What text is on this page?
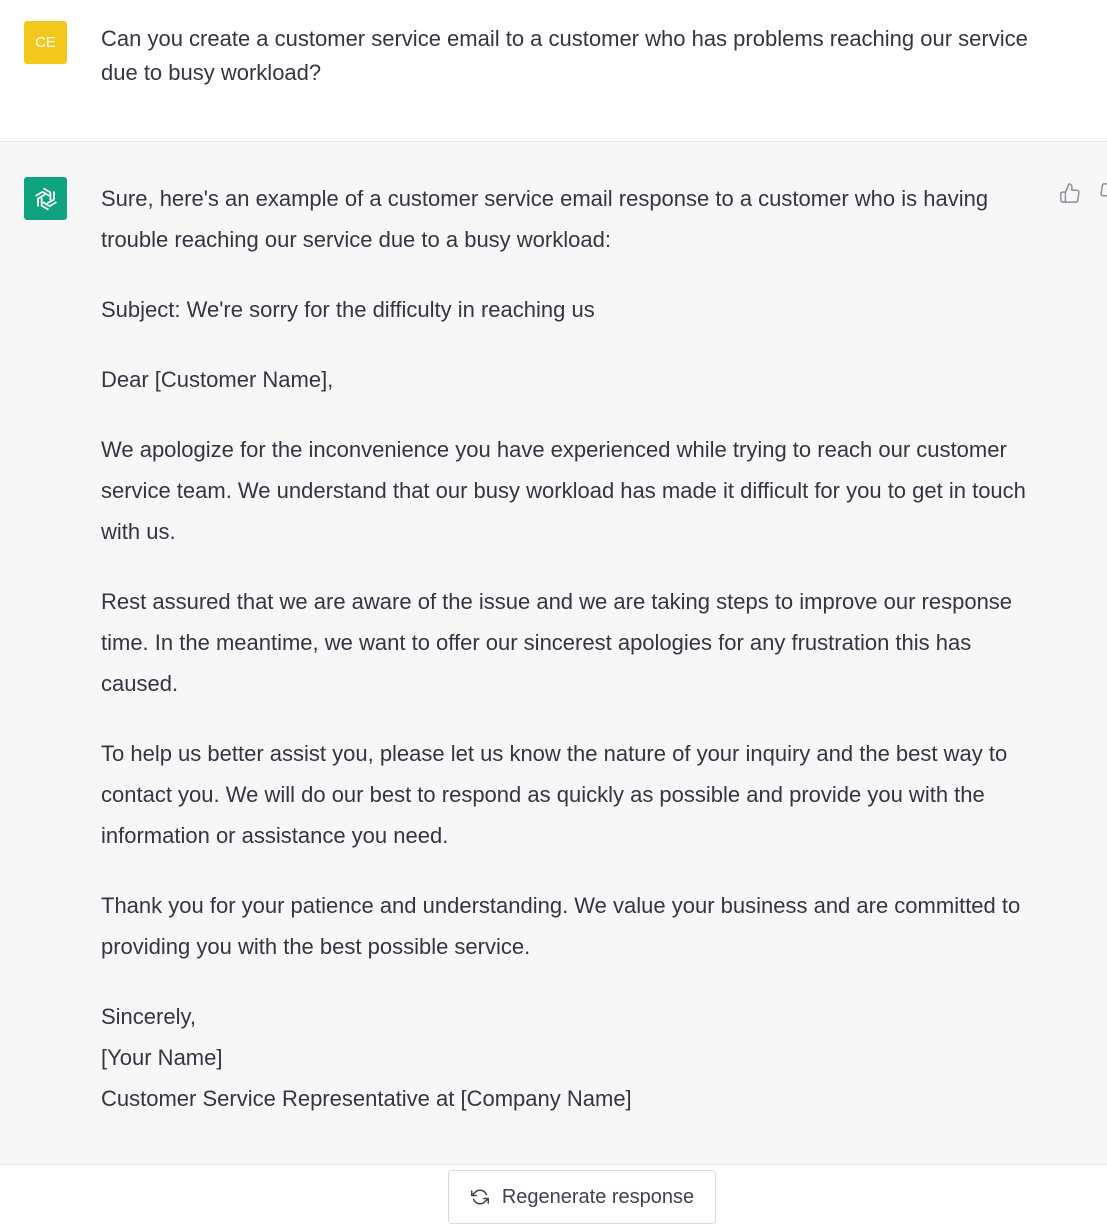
CE	Can you create a customer service email to a customer who has problems reaching our service due to busy workload?

Sure, here's an example of a customer service email response to a customer who is having trouble reaching our service due to a busy workload:

Subject: We're sorry for the difficulty in reaching us

Dear [Customer Name],

We apologize for the inconvenience you have experienced while trying to reach our customer service team. We understand that our busy workload has made it difficult for you to get in touch with us.

Rest assured that we are aware of the issue and we are taking steps to improve our response time. In the meantime, we want to offer our sincerest apologies for any frustration this has caused.

To help us better assist you, please let us know the nature of your inquiry and the best way to contact you. We will do our best to respond as quickly as possible and provide you with the information or assistance you need.

Thank you for your patience and understanding. We value your business and are committed to providing you with the best possible service.

Sincerely,

[Your Name]

Customer Service Representative at [Company Name]

Regenerate response
